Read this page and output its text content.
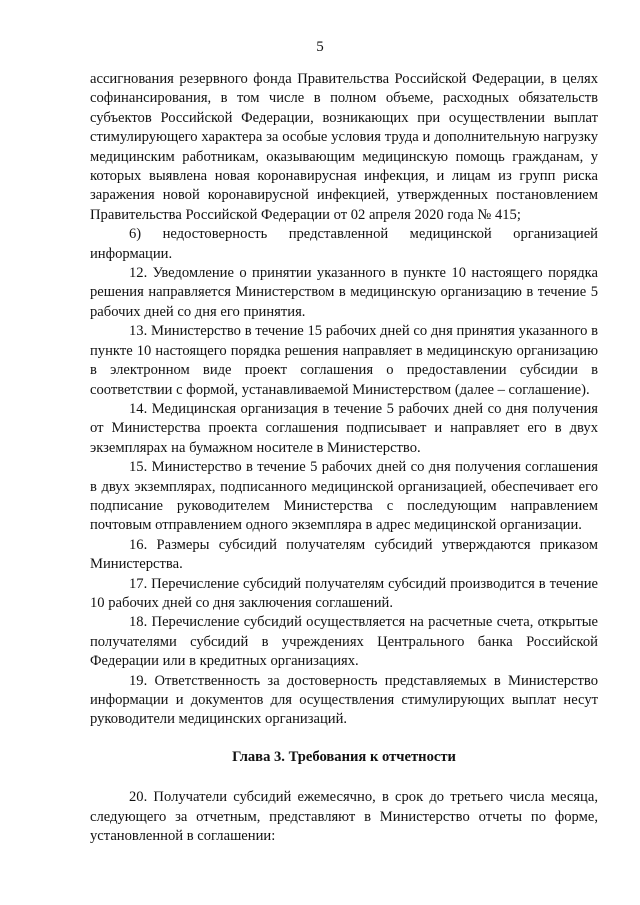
5

ассигнования резервного фонда Правительства Российской Федерации, в целях софинансирования, в том числе в полном объеме, расходных обязательств субъектов Российской Федерации, возникающих при осуществлении выплат стимулирующего характера за особые условия труда и дополнительную нагрузку медицинским работникам, оказывающим медицинскую помощь гражданам, у которых выявлена новая коронавирусная инфекция, и лицам из групп риска заражения новой коронавирусной инфекцией, утвержденных постановлением Правительства Российской Федерации от 02 апреля 2020 года № 415;

6) недостоверность представленной медицинской организацией информации.

12. Уведомление о принятии указанного в пункте 10 настоящего порядка решения направляется Министерством в медицинскую организацию в течение 5 рабочих дней со дня его принятия.

13. Министерство в течение 15 рабочих дней со дня принятия указанного в пункте 10 настоящего порядка решения направляет в медицинскую организацию в электронном виде проект соглашения о предоставлении субсидии в соответствии с формой, устанавливаемой Министерством (далее – соглашение).

14. Медицинская организация в течение 5 рабочих дней со дня получения от Министерства проекта соглашения подписывает и направляет его в двух экземплярах на бумажном носителе в Министерство.

15. Министерство в течение 5 рабочих дней со дня получения соглашения в двух экземплярах, подписанного медицинской организацией, обеспечивает его подписание руководителем Министерства с последующим направлением почтовым отправлением одного экземпляра в адрес медицинской организации.

16. Размеры субсидий получателям субсидий утверждаются приказом Министерства.

17. Перечисление субсидий получателям субсидий производится в течение 10 рабочих дней со дня заключения соглашений.

18. Перечисление субсидий осуществляется на расчетные счета, открытые получателями субсидий в учреждениях Центрального банка Российской Федерации или в кредитных организациях.

19. Ответственность за достоверность представляемых в Министерство информации и документов для осуществления стимулирующих выплат несут руководители медицинских организаций.

Глава 3. Требования к отчетности

20. Получатели субсидий ежемесячно, в срок до третьего числа месяца, следующего за отчетным, представляют в Министерство отчеты по форме, установленной в соглашении:
